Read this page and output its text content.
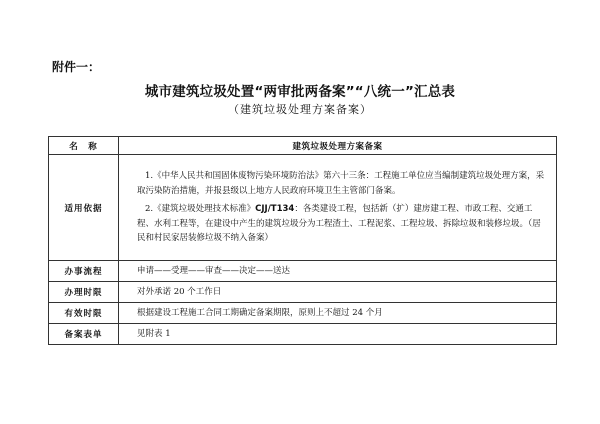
附件一：
城市建筑垃圾处置“两审批两备案”“八统一”汇总表
（建筑垃圾处理方案备案）
名　称	建筑垃圾处理方案备案
适用依据	1.《中华人民共和国固体废物污染环境防治法》第六十三条：工程施工单位应当编制建筑垃圾处理方案，采取污染防治措施，并报县级以上地方人民政府环境卫生主管部门备案。

2.《建筑垃圾处理技术标准》CJJ/T134：各类建设工程，包括新（扩）建房建工程、市政工程、交通工程、水利工程等，在建设中产生的建筑垃圾分为工程渣土、工程泥浆、工程垃圾、拆除垃圾和装修垃圾。（居民和村民家居装修垃圾不纳入备案）

办事流程	申请——受理——审查——决定——送达
办理时限	对外承诺 20 个工作日
有效时限	根据建设工程施工合同工期确定备案期限，原则上不超过 24 个月
备案表单	见附表 1
